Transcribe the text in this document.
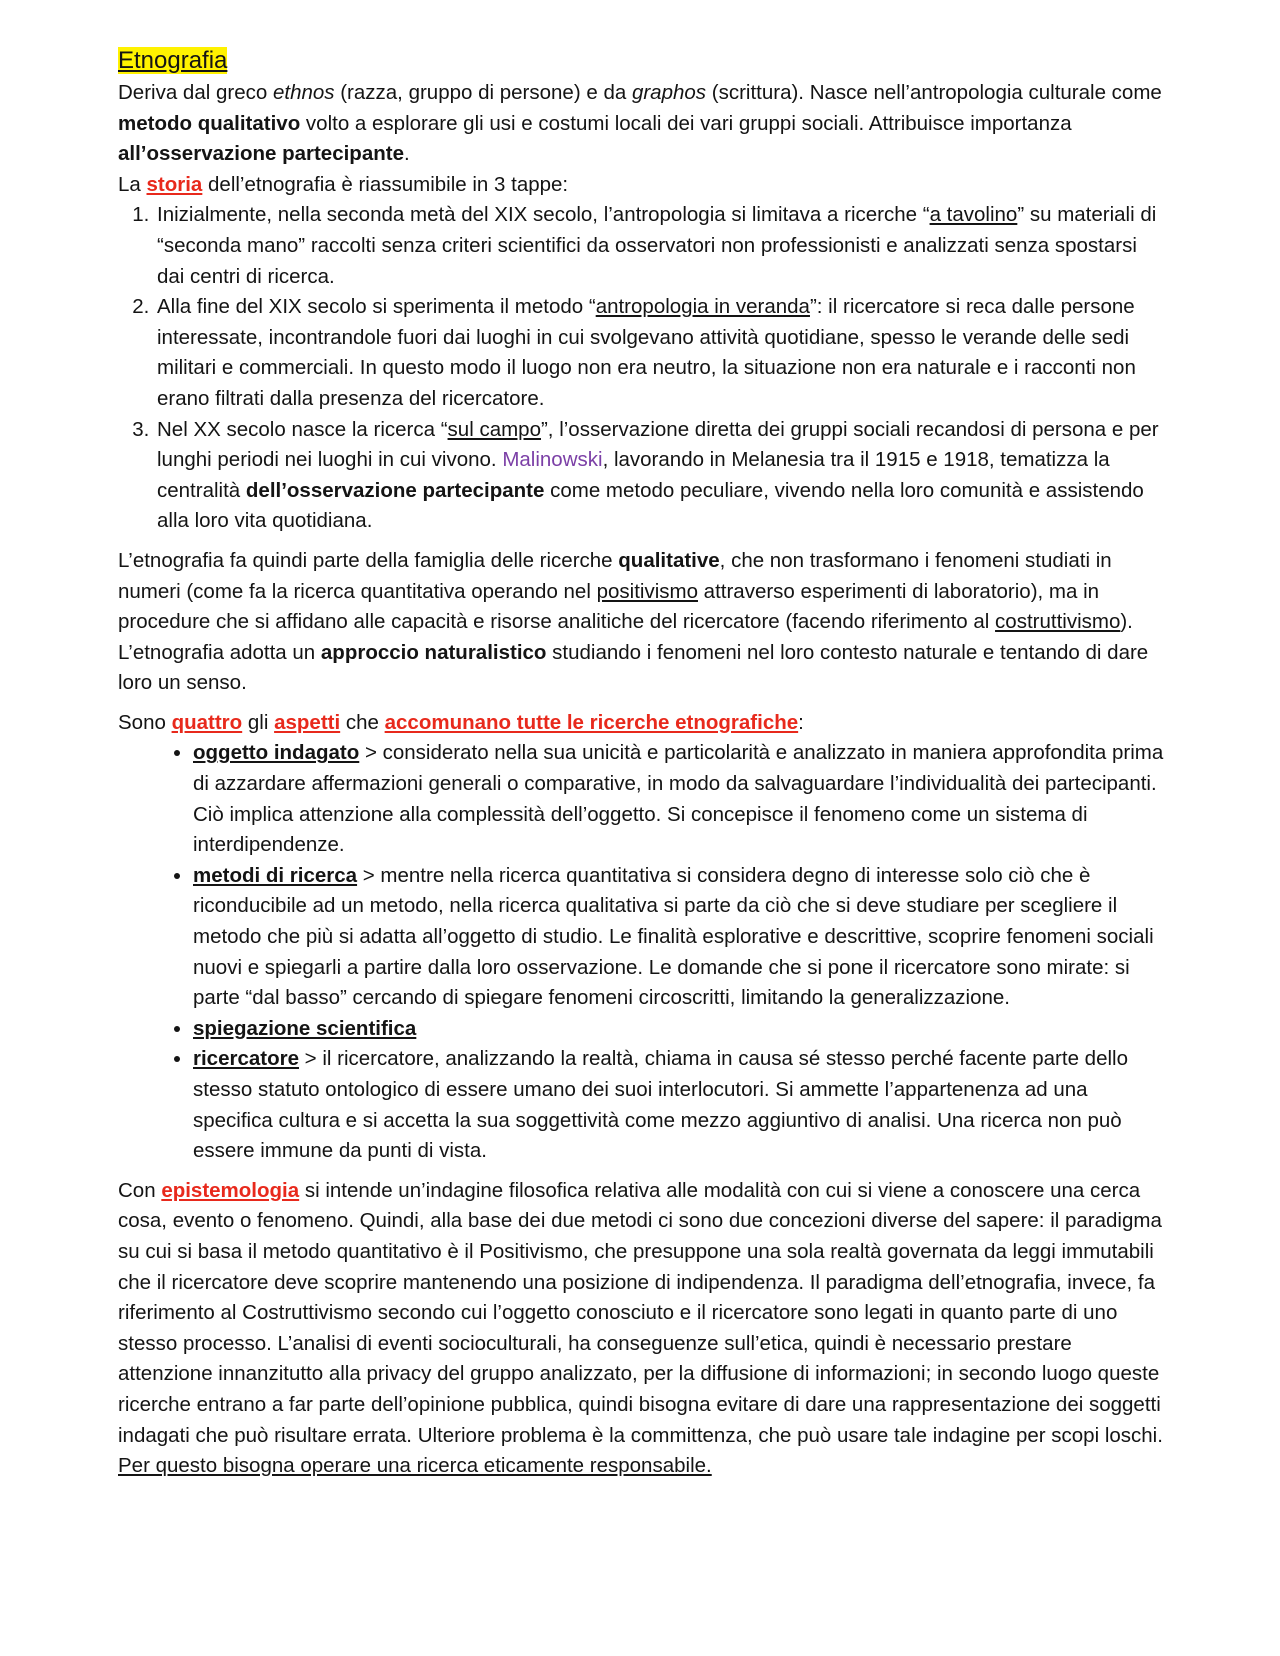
Etnografia

Deriva dal greco ethnos (razza, gruppo di persone) e da graphos (scrittura). Nasce nell’antropologia culturale come metodo qualitativo volto a esplorare gli usi e costumi locali dei vari gruppi sociali. Attribuisce importanza all’osservazione partecipante.

La storia dell’etnografia è riassumibile in 3 tappe:

1. Inizialmente, nella seconda metà del XIX secolo, l’antropologia si limitava a ricerche “a tavolino” su materiali di “seconda mano” raccolti senza criteri scientifici da osservatori non professionisti e analizzati senza spostarsi dai centri di ricerca.
2. Alla fine del XIX secolo si sperimenta il metodo “antropologia in veranda”: il ricercatore si reca dalle persone interessate, incontrandole fuori dai luoghi in cui svolgevano attività quotidiane, spesso le verande delle sedi militari e commerciali. In questo modo il luogo non era neutro, la situazione non era naturale e i racconti non erano filtrati dalla presenza del ricercatore.
3. Nel XX secolo nasce la ricerca “sul campo”, l’osservazione diretta dei gruppi sociali recandosi di persona e per lunghi periodi nei luoghi in cui vivono. Malinowski, lavorando in Melanesia tra il 1915 e 1918, tematizza la centralità dell’osservazione partecipante come metodo peculiare, vivendo nella loro comunità e assistendo alla loro vita quotidiana.

L’etnografia fa quindi parte della famiglia delle ricerche qualitative, che non trasformano i fenomeni studiati in numeri (come fa la ricerca quantitativa operando nel positivismo attraverso esperimenti di laboratorio), ma in procedure che si affidano alle capacità e risorse analitiche del ricercatore (facendo riferimento al costruttivismo). L’etnografia adotta un approccio naturalistico studiando i fenomeni nel loro contesto naturale e tentando di dare loro un senso.

Sono quattro gli aspetti che accomunano tutte le ricerche etnografiche:

• oggetto indagato > considerato nella sua unicità e particolarità e analizzato in maniera approfondita prima di azzardare affermazioni generali o comparative, in modo da salvaguardare l’individualità dei partecipanti. Ciò implica attenzione alla complessità dell’oggetto. Si concepisce il fenomeno come un sistema di interdipendenze.
• metodi di ricerca > mentre nella ricerca quantitativa si considera degno di interesse solo ciò che è riconducibile ad un metodo, nella ricerca qualitativa si parte da ciò che si deve studiare per scegliere il metodo che più si adatta all’oggetto di studio. Le finalità esplorative e descrittive, scoprire fenomeni sociali nuovi e spiegarli a partire dalla loro osservazione. Le domande che si pone il ricercatore sono mirate: si parte “dal basso” cercando di spiegare fenomeni circoscritti, limitando la generalizzazione.
• spiegazione scientifica
• ricercatore > il ricercatore, analizzando la realtà, chiama in causa sé stesso perché facente parte dello stesso statuto ontologico di essere umano dei suoi interlocutori. Si ammette l’appartenenza ad una specifica cultura e si accetta la sua soggettività come mezzo aggiuntivo di analisi. Una ricerca non può essere immune da punti di vista.

Con epistemologia si intende un’indagine filosofica relativa alle modalità con cui si viene a conoscere una cerca cosa, evento o fenomeno. Quindi, alla base dei due metodi ci sono due concezioni diverse del sapere: il paradigma su cui si basa il metodo quantitativo è il Positivismo, che presuppone una sola realtà governata da leggi immutabili che il ricercatore deve scoprire mantenendo una posizione di indipendenza. Il paradigma dell’etnografia, invece, fa riferimento al Costruttivismo secondo cui l’oggetto conosciuto e il ricercatore sono legati in quanto parte di uno stesso processo. L’analisi di eventi socioculturali, ha conseguenze sull’etica, quindi è necessario prestare attenzione innanzitutto alla privacy del gruppo analizzato, per la diffusione di informazioni; in secondo luogo queste ricerche entrano a far parte dell’opinione pubblica, quindi bisogna evitare di dare una rappresentazione dei soggetti indagati che può risultare errata. Ulteriore problema è la committenza, che può usare tale indagine per scopi loschi. Per questo bisogna operare una ricerca eticamente responsabile.
